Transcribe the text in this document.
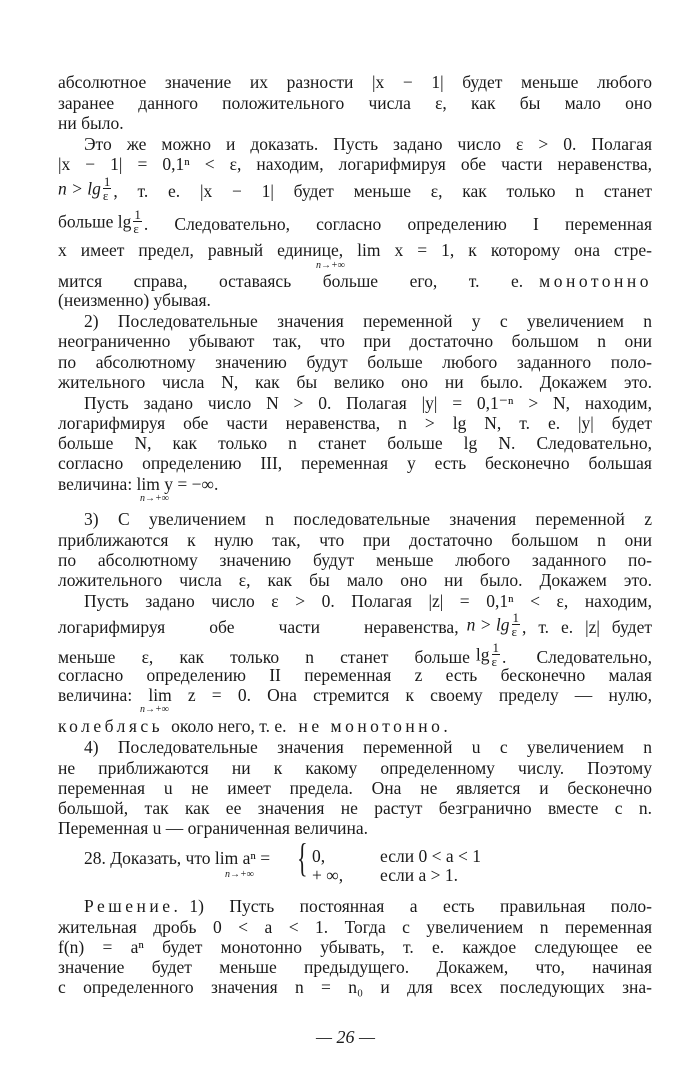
абсолютное значение их разности |x − 1| будет меньше любого
заранее данного положительного числа ε, как бы мало оно
ни было.
Это же можно и доказать. Пусть задано число ε > 0. Полагая
|x − 1| = 0,1ⁿ < ε, находим, логарифмируя обе части неравенства,
$n > \lg \frac{1}{\varepsilon}$ , т. е. |x − 1| будет меньше ε, как только n станет
больше $\lg \frac{1}{\varepsilon}$ . Следовательно, согласно определению I переменная
x имеет предел, равный единице, lim x = 1, к которому она стре-
n→+∞
мится справа, оставаясь больше его, т. е. монотонно
(неизменно) убывая.
2) Последовательные значения переменной y с увеличением n
неограниченно убывают так, что при достаточно большом n они
по абсолютному значению будут больше любого заданного поло-
жительного числа N, как бы велико оно ни было. Докажем это.
Пусть задано число N > 0. Полагая |y| = 0,1⁻ⁿ > N, находим,
логарифмируя обе части неравенства, n > lg N, т. е. |y| будет
больше N, как только n станет больше lg N. Следовательно,
согласно определению III, переменная y есть бесконечно большая
величина: lim y = −∞.
n→+∞
3) С увеличением n последовательные значения переменной z
приближаются к нулю так, что при достаточно большом n они
по абсолютному значению будут меньше любого заданного по-
ложительного числа ε, как бы мало оно ни было. Докажем это.
Пусть задано число ε > 0. Полагая |z| = 0,1ⁿ < ε, находим,
логарифмируя обе части неравенства, $n > \lg \frac{1}{\varepsilon}$ , т. е. |z| будет
меньше ε, как только n станет больше $\lg \frac{1}{\varepsilon}$ . Следовательно,
согласно определению II переменная z есть бесконечно малая
величина: lim z = 0. Она стремится к своему пределу — нулю,
n→+∞
колеблясь около него, т. е. не монотонно.
4) Последовательные значения переменной u с увеличением n
не приближаются ни к какому определенному числу. Поэтому
переменная u не имеет предела. Она не является и бесконечно
большой, так как ее значения не растут безгранично вместе с n.
Переменная u — ограниченная величина.
28. Доказать, что lim aⁿ =
n→+∞ { 0,	если 0 < a < 1
+ ∞, если a > 1.
Решение. 1) Пусть постоянная a есть правильная поло-
жительная дробь 0 < a < 1. Тогда с увеличением n переменная
f(n) = aⁿ будет монотонно убывать, т. е. каждое следующее ее
значение будет меньше предыдущего. Докажем, что, начиная
с определенного значения n = n₀ и для всех последующих зна-
— 26 —
